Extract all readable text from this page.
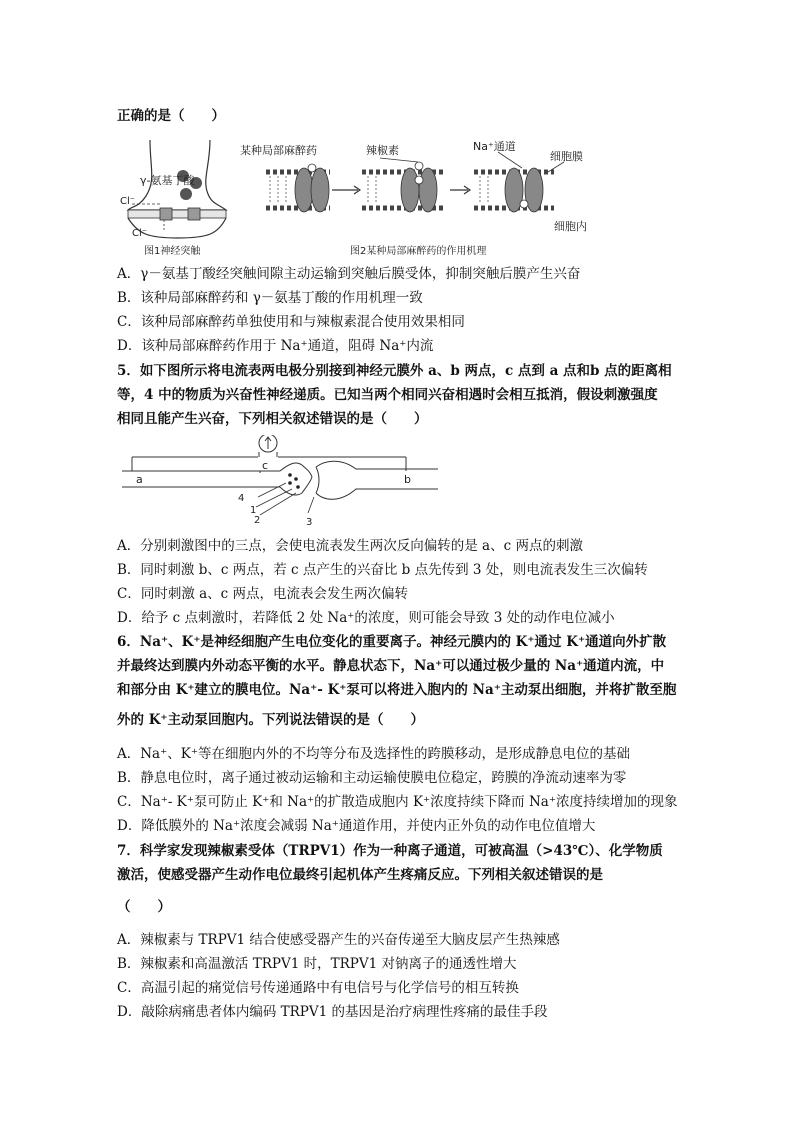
正确的是（　　）
γ-氨基丁酸
Cl⁻
Cl⁻
图1神经突触
某种局部麻醉药	辣椒素	Na⁺通道
细胞膜
细胞内
图2某种局部麻醉药的作用机理
A．γ－氨基丁酸经突触间隙主动运输到突触后膜受体，抑制突触后膜产生兴奋
B．该种局部麻醉药和 γ－氨基丁酸的作用机理一致
C．该种局部麻醉药单独使用和与辣椒素混合使用效果相同
D．该种局部麻醉药作用于 Na⁺通道，阻碍 Na⁺内流
5．如下图所示将电流表两电极分别接到神经元膜外 a、b 两点，c 点到 a 点和b 点的距离相
等，4 中的物质为兴奋性神经递质。已知当两个相同兴奋相遇时会相互抵消，假设刺激强度
相同且能产生兴奋，下列相关叙述错误的是（　　）
a	b
c
4
1
2	3
A．分别刺激图中的三点，会使电流表发生两次反向偏转的是 a、c 两点的刺激
B．同时刺激 b、c 两点，若 c 点产生的兴奋比 b 点先传到 3 处，则电流表发生三次偏转
C．同时刺激 a、c 两点，电流表会发生两次偏转
D．给予 c 点刺激时，若降低 2 处 Na⁺的浓度，则可能会导致 3 处的动作电位减小
6．Na⁺、K⁺是神经细胞产生电位变化的重要离子。神经元膜内的 K⁺通过 K⁺通道向外扩散
并最终达到膜内外动态平衡的水平。静息状态下，Na⁺可以通过极少量的 Na⁺通道内流，中
和部分由 K⁺建立的膜电位。Na⁺- K⁺泵可以将进入胞内的 Na⁺主动泵出细胞，并将扩散至胞
外的 K⁺主动泵回胞内。下列说法错误的是（　　）
A．Na⁺、K⁺等在细胞内外的不均等分布及选择性的跨膜移动，是形成静息电位的基础
B．静息电位时，离子通过被动运输和主动运输使膜电位稳定，跨膜的净流动速率为零
C．Na⁺- K⁺泵可防止 K⁺和 Na⁺的扩散造成胞内 K⁺浓度持续下降而 Na⁺浓度持续增加的现象
D．降低膜外的 Na⁺浓度会减弱 Na⁺通道作用，并使内正外负的动作电位值增大
7．科学家发现辣椒素受体（TRPV1）作为一种离子通道，可被高温（>43℃）、化学物质
激活，使感受器产生动作电位最终引起机体产生疼痛反应。下列相关叙述错误的是
（　　）
A．辣椒素与 TRPV1 结合使感受器产生的兴奋传递至大脑皮层产生热辣感
B．辣椒素和高温激活 TRPV1 时，TRPV1 对钠离子的通透性增大
C．高温引起的痛觉信号传递通路中有电信号与化学信号的相互转换
D．敲除病痛患者体内编码 TRPV1 的基因是治疗病理性疼痛的最佳手段
